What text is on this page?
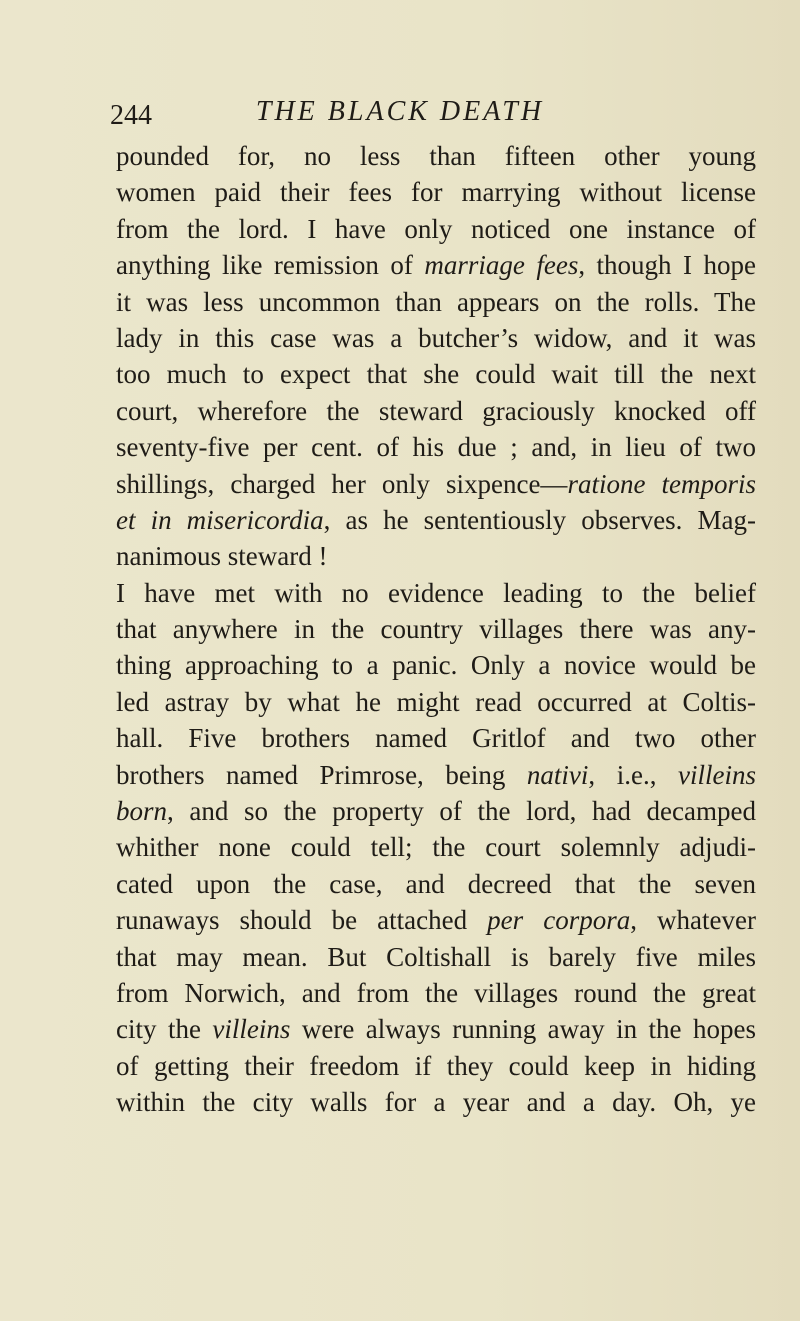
244	THE BLACK DEATH
pounded for, no less than fifteen other young
women paid their fees for marrying without license
from the lord. I have only noticed one instance of
anything like remission of marriage fees, though I hope
it was less uncommon than appears on the rolls. The
lady in this case was a butcher’s widow, and it was
too much to expect that she could wait till the next
court, wherefore the steward graciously knocked off
seventy-five per cent. of his due ; and, in lieu of two
shillings, charged her only sixpence—ratione temporis
et in misericordia, as he sententiously observes. Mag-
nanimous steward !
I have met with no evidence leading to the belief
that anywhere in the country villages there was any-
thing approaching to a panic. Only a novice would be
led astray by what he might read occurred at Coltis-
hall. Five brothers named Gritlof and two other
brothers named Primrose, being nativi, i.e., villeins
born, and so the property of the lord, had decamped
whither none could tell; the court solemnly adjudi-
cated upon the case, and decreed that the seven
runaways should be attached per corpora, whatever
that may mean. But Coltishall is barely five miles
from Norwich, and from the villages round the great
city the villeins were always running away in the hopes
of getting their freedom if they could keep in hiding
within the city walls for a year and a day. Oh, ye
